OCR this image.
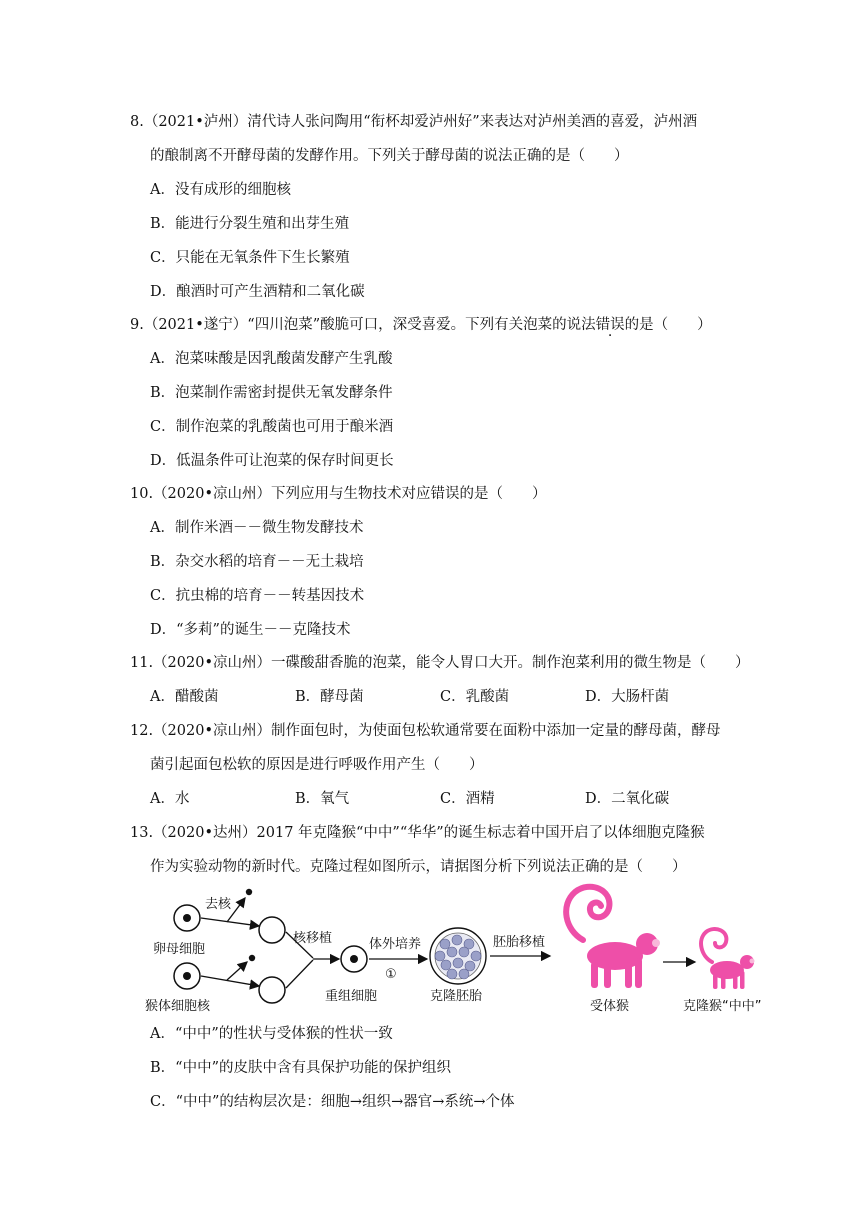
8.（2021•泸州）清代诗人张问陶用“衔杯却爱泸州好”来表达对泸州美酒的喜爱，泸州酒
的酿制离不开酵母菌的发酵作用。下列关于酵母菌的说法正确的是（　　）
A．没有成形的细胞核
B．能进行分裂生殖和出芽生殖
C．只能在无氧条件下生长繁殖
D．酿酒时可产生酒精和二氧化碳
9.（2021•遂宁）“四川泡菜”酸脆可口，深受喜爱。下列有关泡菜的说法错误的是（　　）
A．泡菜味酸是因乳酸菌发酵产生乳酸
B．泡菜制作需密封提供无氧发酵条件
C．制作泡菜的乳酸菌也可用于酿米酒
D．低温条件可让泡菜的保存时间更长
10.（2020•凉山州）下列应用与生物技术对应错误的是（　　）
A．制作米酒－－微生物发酵技术
B．杂交水稻的培育－－无土栽培
C．抗虫棉的培育－－转基因技术
D．“多莉”的诞生－－克隆技术
11.（2020•凉山州）一碟酸甜香脆的泡菜，能令人胃口大开。制作泡菜利用的微生物是（　　）
A．醋酸菌	B．酵母菌	C．乳酸菌	D．大肠杆菌
12.（2020•凉山州）制作面包时，为使面包松软通常要在面粉中添加一定量的酵母菌，酵母
菌引起面包松软的原因是进行呼吸作用产生（　　）
A．水	B．氧气	C．酒精	D．二氧化碳
13.（2020•达州）2017 年克隆猴“中中”“华华”的诞生标志着中国开启了以体细胞克隆猴
作为实验动物的新时代。克隆过程如图所示，请据图分析下列说法正确的是（　　）
卵母细胞
去核
猴体细胞核
核移植
重组细胞
体外培养
①
克隆胚胎
胚胎移植
受体猴	克隆猴“中中”
A．“中中”的性状与受体猴的性状一致
B．“中中”的皮肤中含有具保护功能的保护组织
C．“中中”的结构层次是：细胞→组织→器官→系统→个体
